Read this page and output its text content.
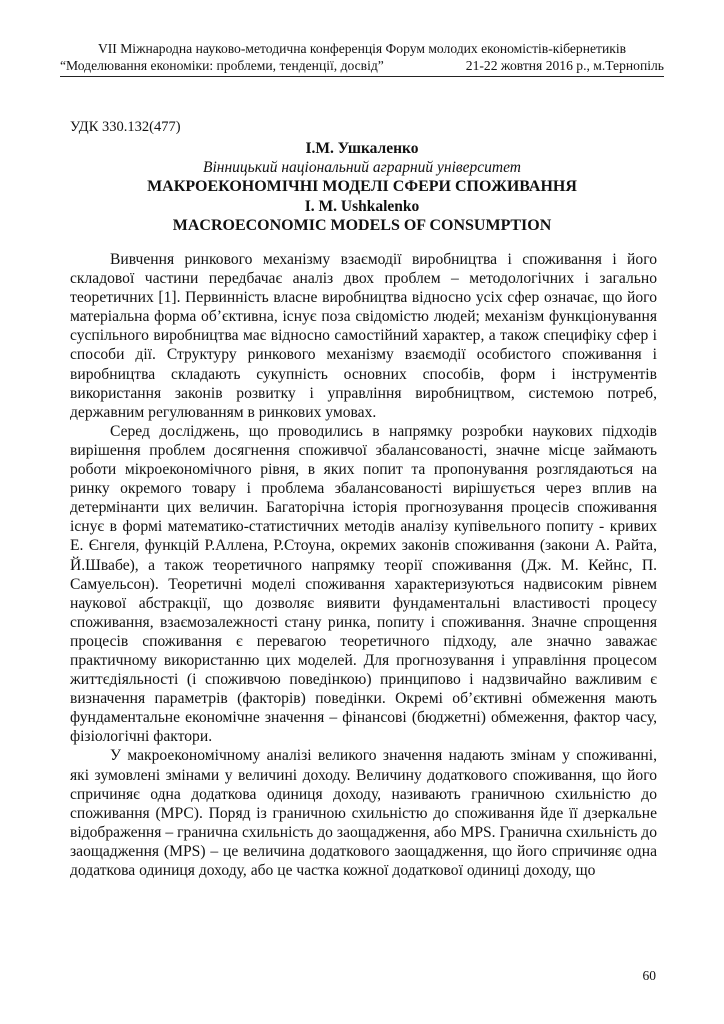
VII Міжнародна науково-методична конференція Форум молодих економістів-кібернетиків
“Моделювання економіки: проблеми, тенденції, досвід”	21-22 жовтня 2016 р., м.Тернопіль
УДК 330.132(477)
І.М. Ушкаленко
Вінницький національний аграрний університет
МАКРОЕКОНОМІЧНІ МОДЕЛІ СФЕРИ СПОЖИВАННЯ
I. M. Ushkalenko
MACROECONOMIC MODELS OF CONSUMPTION

Вивчення ринкового механізму взаємодії виробництва і споживання і його складової частини передбачає аналіз двох проблем – методологічних і загально теоретичних [1]. Первинність власне виробництва відносно усіх сфер означає, що його матеріальна форма об’єктивна, існує поза свідомістю людей; механізм функціонування суспільного виробництва має відносно самостійний характер, а також специфіку сфер і способи дії. Структуру ринкового механізму взаємодії особистого споживання і виробництва складають сукупність основних способів, форм і інструментів використання законів розвитку і управління виробництвом, системою потреб, державним регулюванням в ринкових умовах.

Серед досліджень, що проводились в напрямку розробки наукових підходів вирішення проблем досягнення споживчої збалансованості, значне місце займають роботи мікроекономічного рівня, в яких попит та пропонування розглядаються на ринку окремого товару і проблема збалансованості вирішується через вплив на детермінанти цих величин. Багаторічна історія прогнозування процесів споживання існує в формі математико-статистичних методів аналізу купівельного попиту - кривих Е. Єнгеля, функцій Р.Аллена, Р.Стоуна, окремих законів споживання (закони А. Райта, Й.Швабе), а також теоретичного напрямку теорії споживання (Дж. М. Кейнс, П. Самуельсон). Теоретичні моделі споживання характеризуються надвисоким рівнем наукової абстракції, що дозволяє виявити фундаментальні властивості процесу споживання, взаємозалежності стану ринка, попиту і споживання. Значне спрощення процесів споживання є перевагою теоретичного підходу, але значно заважає практичному використанню цих моделей. Для прогнозування і управління процесом життєдіяльності (і споживчою поведінкою) принципово і надзвичайно важливим є визначення параметрів (факторів) поведінки. Окремі об’єктивні обмеження мають фундаментальне економічне значення – фінансові (бюджетні) обмеження, фактор часу, фізіологічні фактори.

У макроекономічному аналізі великого значення надають змінам у споживанні, які зумовлені змінами у величині доходу. Величину додаткового споживання, що його спричиняє одна додаткова одиниця доходу, називають граничною схильністю до споживання (МРС). Поряд із граничною схильністю до споживання йде її дзеркальне відображення – гранична схильність до заощадження, або MPS. Гранична схильність до заощадження (MPS) – це величина додаткового заощадження, що його спричиняє одна додаткова одиниця доходу, або це частка кожної додаткової одиниці доходу, що

60
